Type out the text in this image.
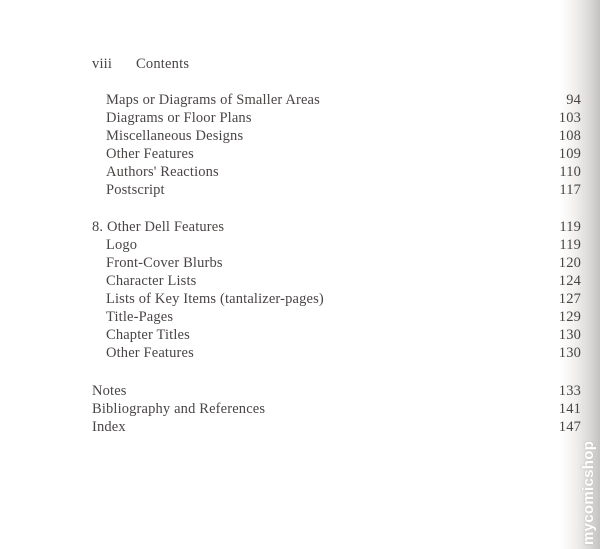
viii Contents
Maps or Diagrams of Smaller Areas	94
Diagrams or Floor Plans	103
Miscellaneous Designs	108
Other Features	109
Authors' Reactions	110
Postscript	117
8. Other Dell Features	119
Logo	119
Front-Cover Blurbs	120
Character Lists	124
Lists of Key Items (tantalizer-pages)	127
Title-Pages	129
Chapter Titles	130
Other Features	130
Notes	133
Bibliography and References	141
Index	147
mycomicshop
